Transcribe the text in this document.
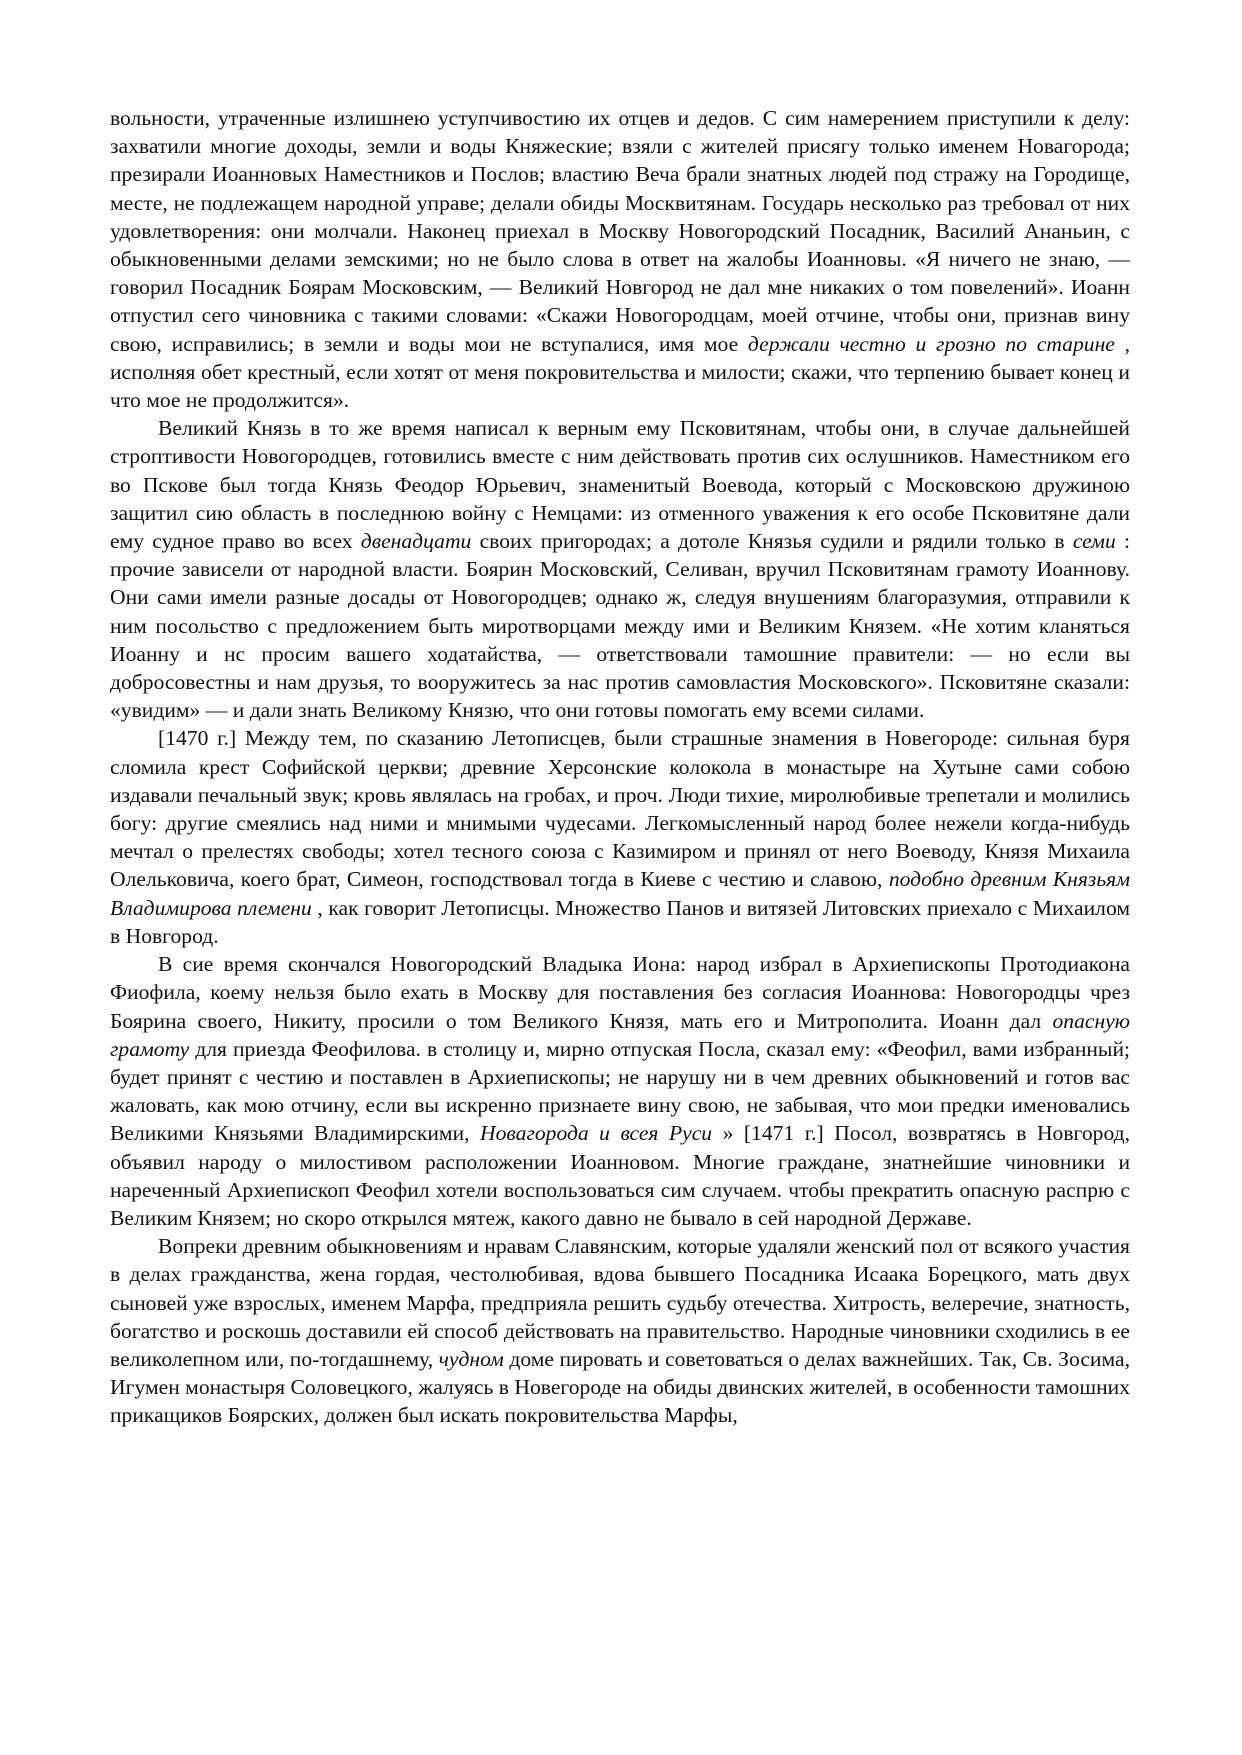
вольности, утраченные излишнею уступчивостию их отцев и дедов. С сим намерением приступили к делу: захватили многие доходы, земли и воды Княжеские; взяли с жителей присягу только именем Новагорода; презирали Иоанновых Наместников и Послов; властию Веча брали знатных людей под стражу на Городище, месте, не подлежащем народной управе; делали обиды Москвитянам. Государь несколько раз требовал от них удовлетворения: они молчали. Наконец приехал в Москву Новогородский Посадник, Василий Ананьин, с обыкновенными делами земскими; но не было слова в ответ на жалобы Иоанновы. «Я ничего не знаю, — говорил Посадник Боярам Московским, — Великий Новгород не дал мне никаких о том повелений». Иоанн отпустил сего чиновника с такими словами: «Скажи Новогородцам, моей отчине, чтобы они, признав вину свою, исправились; в земли и воды мои не вступалися, имя мое держали честно и грозно по старине , исполняя обет крестный, если хотят от меня покровительства и милости; скажи, что терпению бывает конец и что мое не продолжится».

Великий Князь в то же время написал к верным ему Псковитянам, чтобы они, в случае дальнейшей строптивости Новогородцев, готовились вместе с ним действовать против сих ослушников. Наместником его во Пскове был тогда Князь Феодор Юрьевич, знаменитый Воевода, который с Московскою дружиною защитил сию область в последнюю войну с Немцами: из отменного уважения к его особе Псковитяне дали ему судное право во всех двенадцати своих пригородах; а дотоле Князья судили и рядили только в семи : прочие зависели от народной власти. Боярин Московский, Селиван, вручил Псковитянам грамоту Иоаннову. Они сами имели разные досады от Новогородцев; однако ж, следуя внушениям благоразумия, отправили к ним посольство с предложением быть миротворцами между ими и Великим Князем. «Не хотим кланяться Иоанну и нс просим вашего ходатайства, — ответствовали тамошние правители: — но если вы добросовестны и нам друзья, то вооружитесь за нас против самовластия Московского». Псковитяне сказали: «увидим» — и дали знать Великому Князю, что они готовы помогать ему всеми силами.

[1470 г.] Между тем, по сказанию Летописцев, были страшные знамения в Новегороде: сильная буря сломила крест Софийской церкви; древние Херсонские колокола в монастыре на Хутыне сами собою издавали печальный звук; кровь являлась на гробах, и проч. Люди тихие, миролюбивые трепетали и молились богу: другие смеялись над ними и мнимыми чудесами. Легкомысленный народ более нежели когда-нибудь мечтал о прелестях свободы; хотел тесного союза с Казимиром и принял от него Воеводу, Князя Михаила Олельковича, коего брат, Симеон, господствовал тогда в Киеве с честию и славою, подобно древним Князьям Владимирова племени , как говорит Летописцы. Множество Панов и витязей Литовских приехало с Михаилом в Новгород.

В сие время скончался Новогородский Владыка Иона: народ избрал в Архиепископы Протодиакона Фиофила, коему нельзя было ехать в Москву для поставления без согласия Иоаннова: Новогородцы чрез Боярина своего, Никиту, просили о том Великого Князя, мать его и Митрополита. Иоанн дал опасную грамоту для приезда Феофилова. в столицу и, мирно отпуская Посла, сказал ему: «Феофил, вами избранный; будет принят с честию и поставлен в Архиепископы; не нарушу ни в чем древних обыкновений и готов вас жаловать, как мою отчину, если вы искренно признаете вину свою, не забывая, что мои предки именовались Великими Князьями Владимирскими, Новагорода и всея Руси » [1471 г.] Посол, возвратясь в Новгород, объявил народу о милостивом расположении Иоанновом. Многие граждане, знатнейшие чиновники и нареченный Архиепископ Феофил хотели воспользоваться сим случаем. чтобы прекратить опасную распрю с Великим Князем; но скоро открылся мятеж, какого давно не бывало в сей народной Державе.

Вопреки древним обыкновениям и нравам Славянским, которые удаляли женский пол от всякого участия в делах гражданства, жена гордая, честолюбивая, вдова бывшего Посадника Исаака Борецкого, мать двух сыновей уже взрослых, именем Марфа, предприяла решить судьбу отечества. Хитрость, велеречие, знатность, богатство и роскошь доставили ей способ действовать на правительство. Народные чиновники сходились в ее великолепном или, по-тогдашнему, чудном доме пировать и советоваться о делах важнейших. Так, Св. Зосима, Игумен монастыря Соловецкого, жалуясь в Новегороде на обиды двинских жителей, в особенности тамошних прикащиков Боярских, должен был искать покровительства Марфы,
